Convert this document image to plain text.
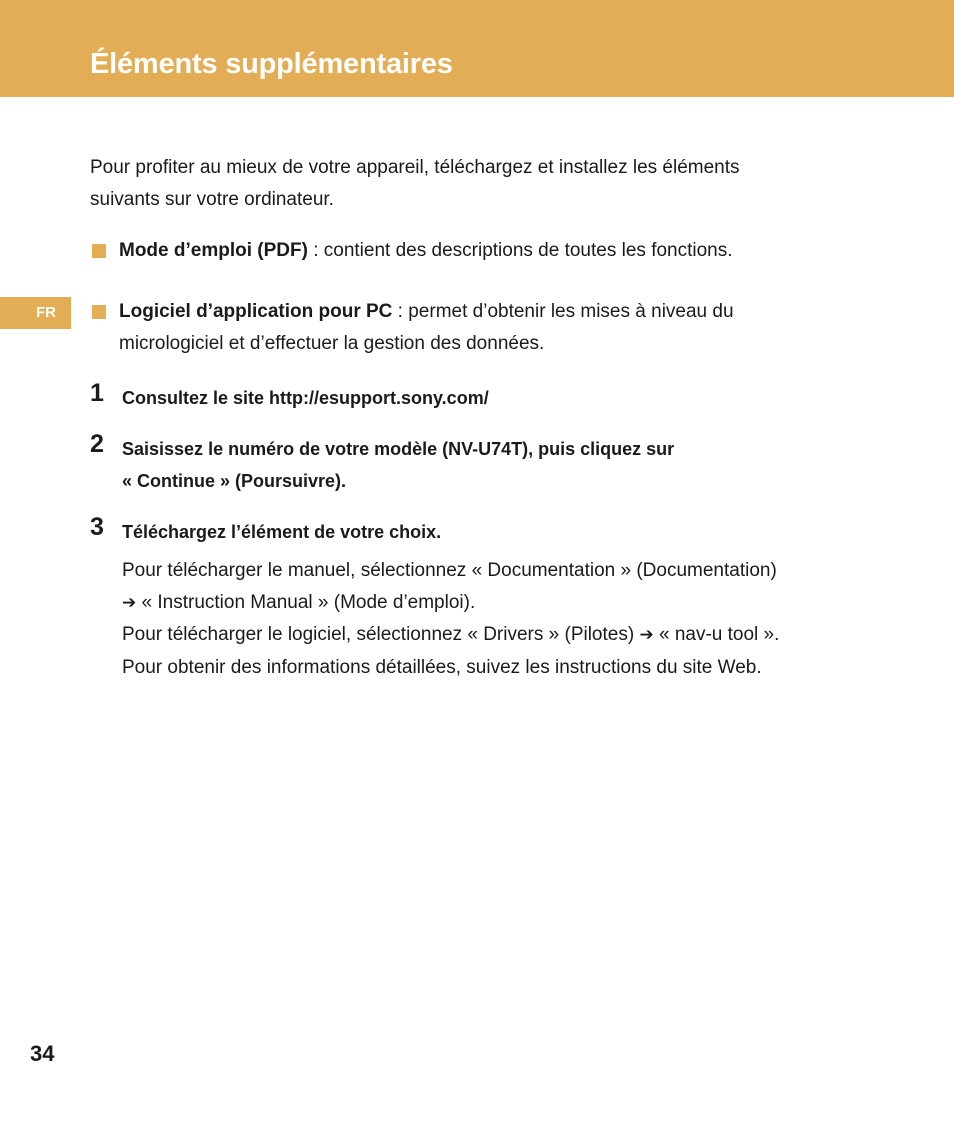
Éléments supplémentaires
FR

Pour profiter au mieux de votre appareil, téléchargez et installez les éléments
suivants sur votre ordinateur.

Mode d’emploi (PDF) : contient des descriptions de toutes les fonctions.
Logiciel d’application pour PC : permet d’obtenir les mises à niveau du
micrologiciel et d’effectuer la gestion des données.
1 Consultez le site http://esupport.sony.com/
2 Saisissez le numéro de votre modèle (NV-U74T), puis cliquez sur
« Continue » (Poursuivre).
3 Téléchargez l’élément de votre choix.
Pour télécharger le manuel, sélectionnez « Documentation » (Documentation)
➔ « Instruction Manual » (Mode d’emploi).
Pour télécharger le logiciel, sélectionnez « Drivers » (Pilotes) ➔ « nav-u tool ».
Pour obtenir des informations détaillées, suivez les instructions du site Web.
34
